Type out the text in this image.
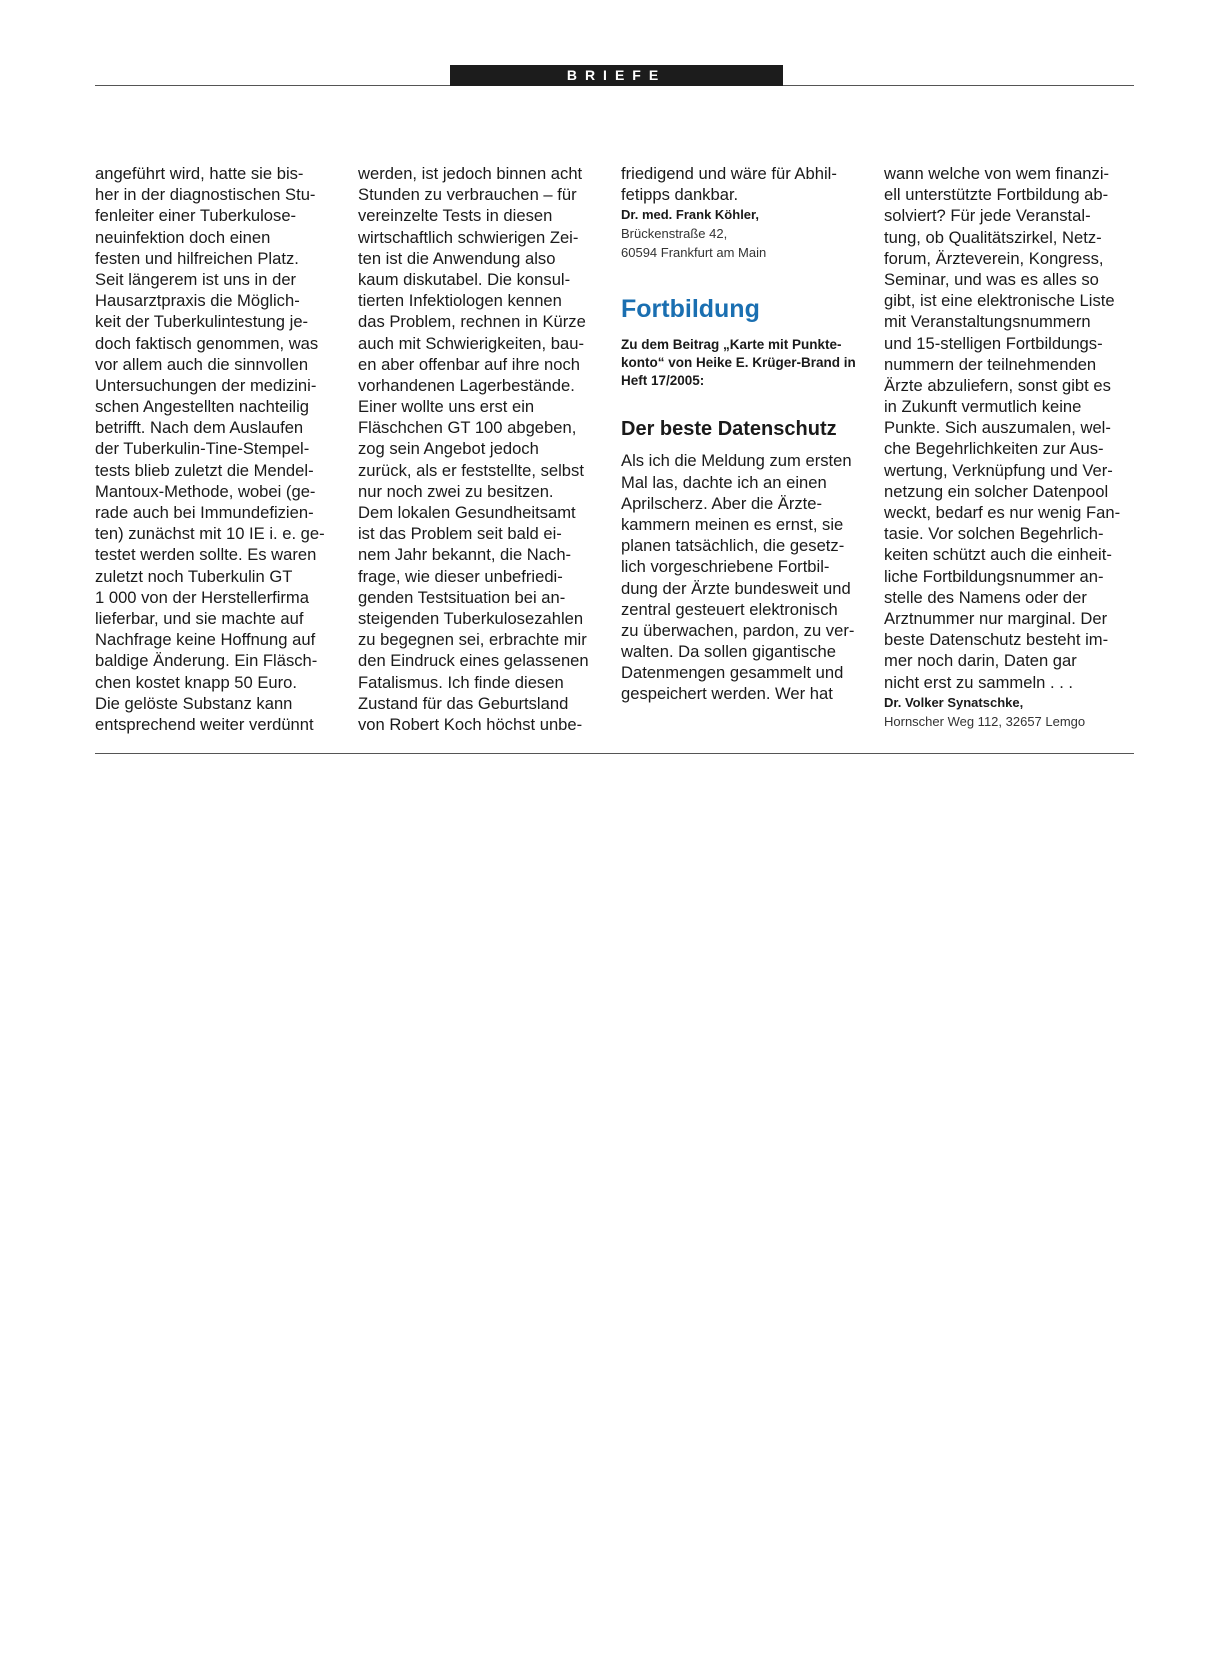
BRIEFE
angeführt wird, hatte sie bis-
her in der diagnostischen Stu-
fenleiter einer Tuberkulose-
neuinfektion doch einen
festen und hilfreichen Platz.
Seit längerem ist uns in der
Hausarztpraxis die Möglich-
keit der Tuberkulintestung je-
doch faktisch genommen, was
vor allem auch die sinnvollen
Untersuchungen der medizini-
schen Angestellten nachteilig
betrifft. Nach dem Auslaufen
der Tuberkulin-Tine-Stempel-
tests blieb zuletzt die Mendel-
Mantoux-Methode, wobei (ge-
rade auch bei Immundefizien-
ten) zunächst mit 10 IE i. e. ge-
testet werden sollte. Es waren
zuletzt noch Tuberkulin GT
1 000 von der Herstellerfirma
lieferbar, und sie machte auf
Nachfrage keine Hoffnung auf
baldige Änderung. Ein Fläsch-
chen kostet knapp 50 Euro.
Die gelöste Substanz kann
entsprechend weiter verdünnt
werden, ist jedoch binnen acht
Stunden zu verbrauchen – für
vereinzelte Tests in diesen
wirtschaftlich schwierigen Zei-
ten ist die Anwendung also
kaum diskutabel. Die konsul-
tierten Infektiologen kennen
das Problem, rechnen in Kürze
auch mit Schwierigkeiten, bau-
en aber offenbar auf ihre noch
vorhandenen Lagerbestände.
Einer wollte uns erst ein
Fläschchen GT 100 abgeben,
zog sein Angebot jedoch
zurück, als er feststellte, selbst
nur noch zwei zu besitzen.
Dem lokalen Gesundheitsamt
ist das Problem seit bald ei-
nem Jahr bekannt, die Nach-
frage, wie dieser unbefriedi-
genden Testsituation bei an-
steigenden Tuberkulosezahlen
zu begegnen sei, erbrachte mir
den Eindruck eines gelassenen
Fatalismus. Ich finde diesen
Zustand für das Geburtsland
von Robert Koch höchst unbe-
friedigend und wäre für Abhil-
fetipps dankbar.
Dr. med. Frank Köhler,
Brückenstraße 42,
60594 Frankfurt am Main
Fortbildung
Zu dem Beitrag „Karte mit Punkte-
konto“ von Heike E. Krüger-Brand in
Heft 17/2005:
Der beste Datenschutz
Als ich die Meldung zum ersten
Mal las, dachte ich an einen
Aprilscherz. Aber die Ärzte-
kammern meinen es ernst, sie
planen tatsächlich, die gesetz-
lich vorgeschriebene Fortbil-
dung der Ärzte bundesweit und
zentral gesteuert elektronisch
zu überwachen, pardon, zu ver-
walten. Da sollen gigantische
Datenmengen gesammelt und
gespeichert werden. Wer hat
wann welche von wem finanzi-
ell unterstützte Fortbildung ab-
solviert? Für jede Veranstal-
tung, ob Qualitätszirkel, Netz-
forum, Ärzteverein, Kongress,
Seminar, und was es alles so
gibt, ist eine elektronische Liste
mit Veranstaltungsnummern
und 15-stelligen Fortbildungs-
nummern der teilnehmenden
Ärzte abzuliefern, sonst gibt es
in Zukunft vermutlich keine
Punkte. Sich auszumalen, wel-
che Begehrlichkeiten zur Aus-
wertung, Verknüpfung und Ver-
netzung ein solcher Datenpool
weckt, bedarf es nur wenig Fan-
tasie. Vor solchen Begehrlich-
keiten schützt auch die einheit-
liche Fortbildungsnummer an-
stelle des Namens oder der
Arztnummer nur marginal. Der
beste Datenschutz besteht im-
mer noch darin, Daten gar
nicht erst zu sammeln . . .
Dr. Volker Synatschke,
Hornscher Weg 112, 32657 Lemgo
